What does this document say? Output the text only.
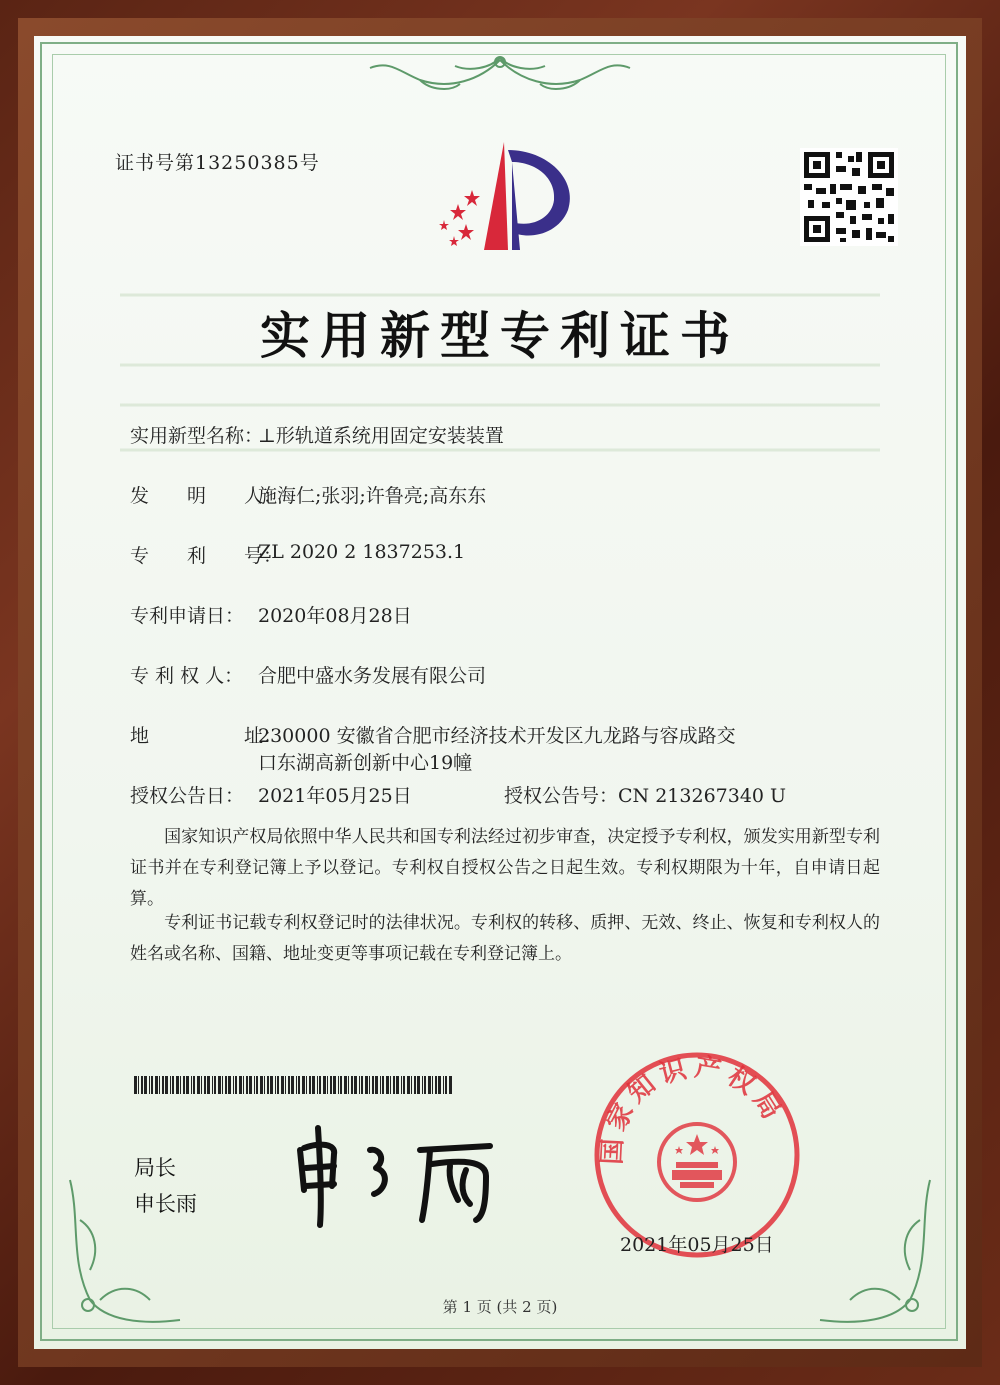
证书号第13250385号
实用新型专利证书
实用新型名称：
⊥形轨道系统用固定安装装置
发　　明　　人：
施海仁;张羽;许鲁亮;高东东
专　　利　　号：
ZL 2020 2 1837253.1
专利申请日： 2020年08月28日
专 利 权 人： 合肥中盛水务发展有限公司
地　　　　　址：
230000 安徽省合肥市经济技术开发区九龙路与容成路交
口东湖高新创新中心19幢
授权公告日： 2021年05月25日	授权公告号：CN 213267340 U
　　国家知识产权局依照中华人民共和国专利法经过初步审查，决定授予专利权，颁发实用新型专利证书并在专利登记簿上予以登记。专利权自授权公告之日起生效。专利权期限为十年，自申请日起算。
　　专利证书记载专利权登记时的法律状况。专利权的转移、质押、无效、终止、恢复和专利权人的姓名或名称、国籍、地址变更等事项记载在专利登记簿上。
局长
申长雨
国家知识产权局
2021年05月25日
第 1 页 (共 2 页)
